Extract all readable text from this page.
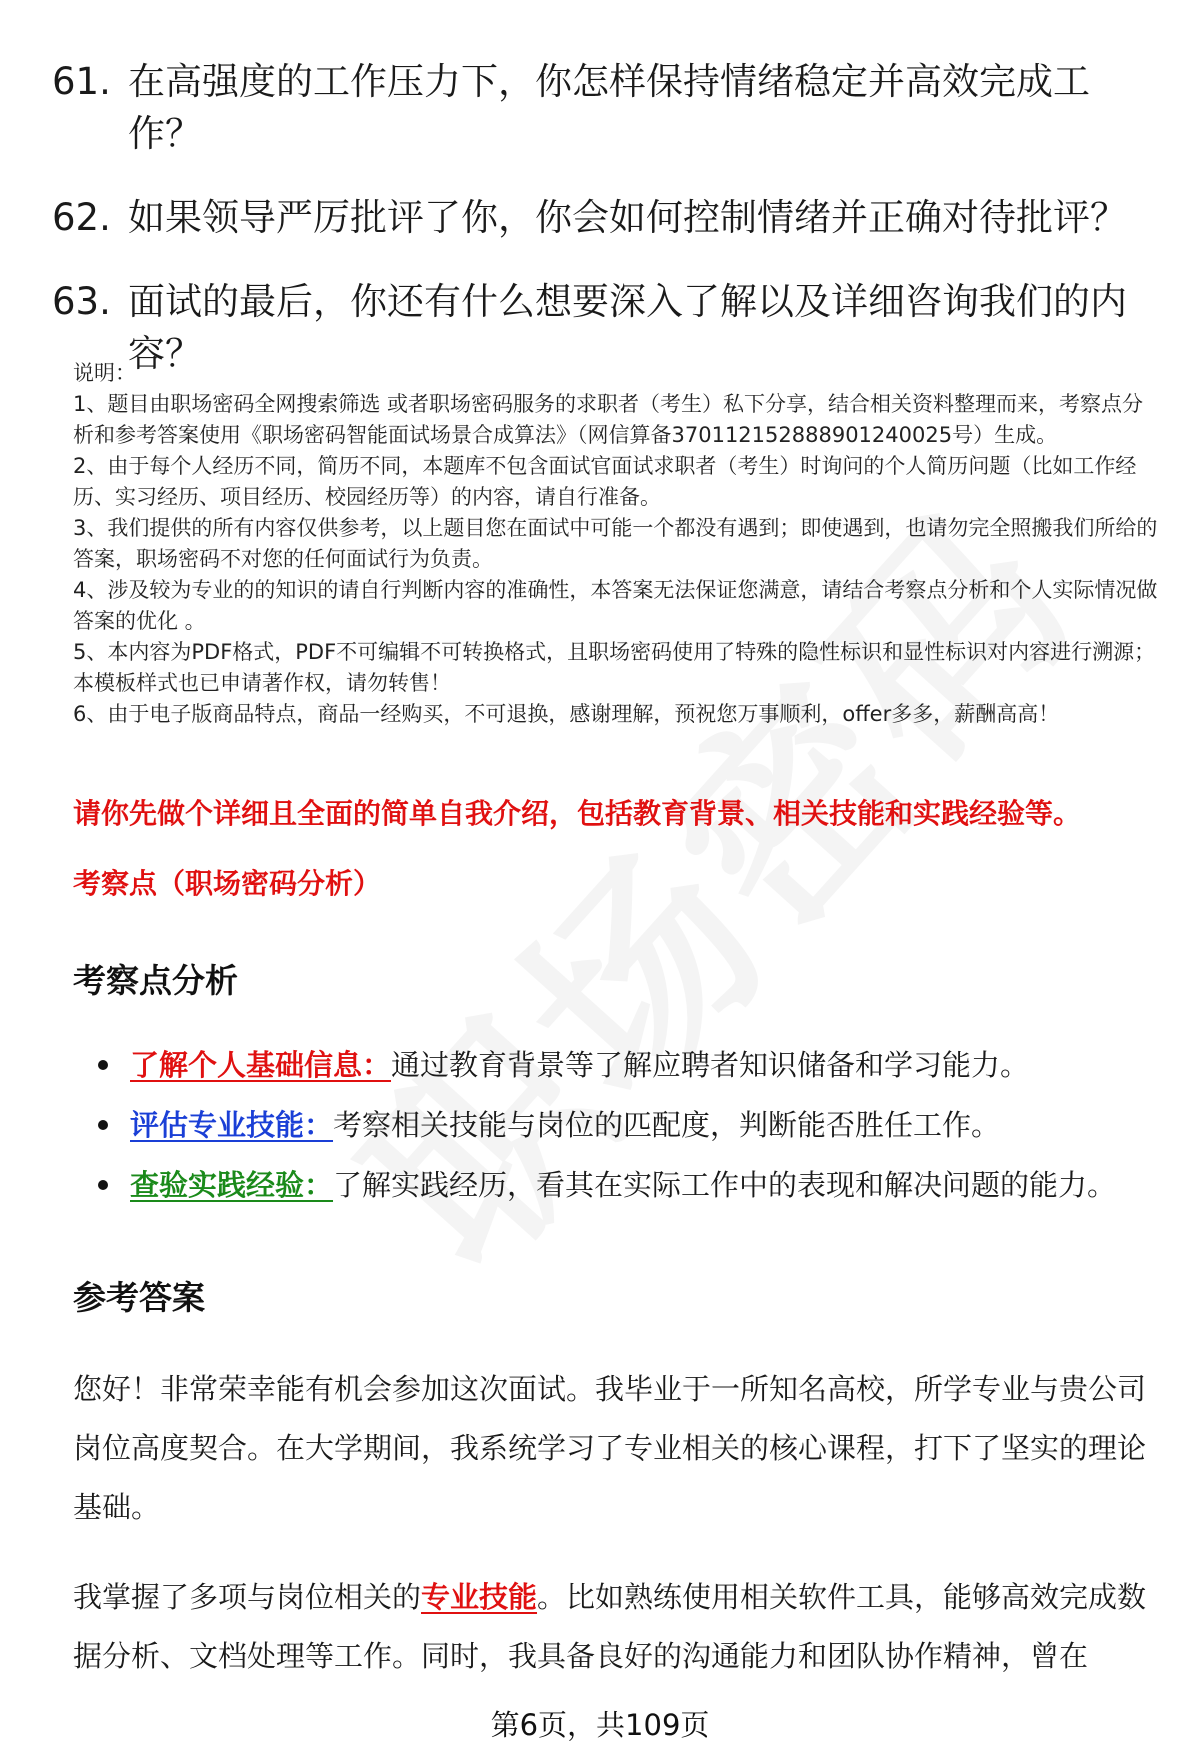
61. 在高强度的工作压力下，你怎样保持情绪稳定并高效完成工作？
62. 如果领导严厉批评了你，你会如何控制情绪并正确对待批评？
63. 面试的最后，你还有什么想要深入了解以及详细咨询我们的内容？

说明：

1、题目由职场密码全网搜索筛选 或者职场密码服务的求职者（考生）私下分享，结合相关资料整理而来，考察点分析和参考答案使用《职场密码智能面试场景合成算法》（网信算备370112152888901240025号）生成。

2、由于每个人经历不同，简历不同，本题库不包含面试官面试求职者（考生）时询问的个人简历问题（比如工作经历、实习经历、项目经历、校园经历等）的内容，请自行准备。

3、我们提供的所有内容仅供参考，以上题目您在面试中可能一个都没有遇到；即使遇到，也请勿完全照搬我们所给的答案，职场密码不对您的任何面试行为负责。

4、涉及较为专业的的知识的请自行判断内容的准确性，本答案无法保证您满意，请结合考察点分析和个人实际情况做答案的优化 。

5、本内容为PDF格式，PDF不可编辑不可转换格式，且职场密码使用了特殊的隐性标识和显性标识对内容进行溯源；本模板样式也已申请著作权，请勿转售！

6、由于电子版商品特点，商品一经购买，不可退换，感谢理解，预祝您万事顺利，offer多多，薪酬高高！

请你先做个详细且全面的简单自我介绍，包括教育背景、相关技能和实践经验等。
考察点（职场密码分析）
考察点分析
了解个人基础信息： 通过教育背景等了解应聘者知识储备和学习能力。
评估专业技能： 考察相关技能与岗位的匹配度，判断能否胜任工作。
查验实践经验： 了解实践经历，看其在实际工作中的表现和解决问题的能力。
参考答案
您好！非常荣幸能有机会参加这次面试。我毕业于一所知名高校，所学专业与贵公司岗位高度契合。在大学期间，我系统学习了专业相关的核心课程，打下了坚实的理论基础。
我掌握了多项与岗位相关的专业技能。比如熟练使用相关软件工具，能够高效完成数据分析、文档处理等工作。同时，我具备良好的沟通能力和团队协作精神，曾在
第6页，共109页
